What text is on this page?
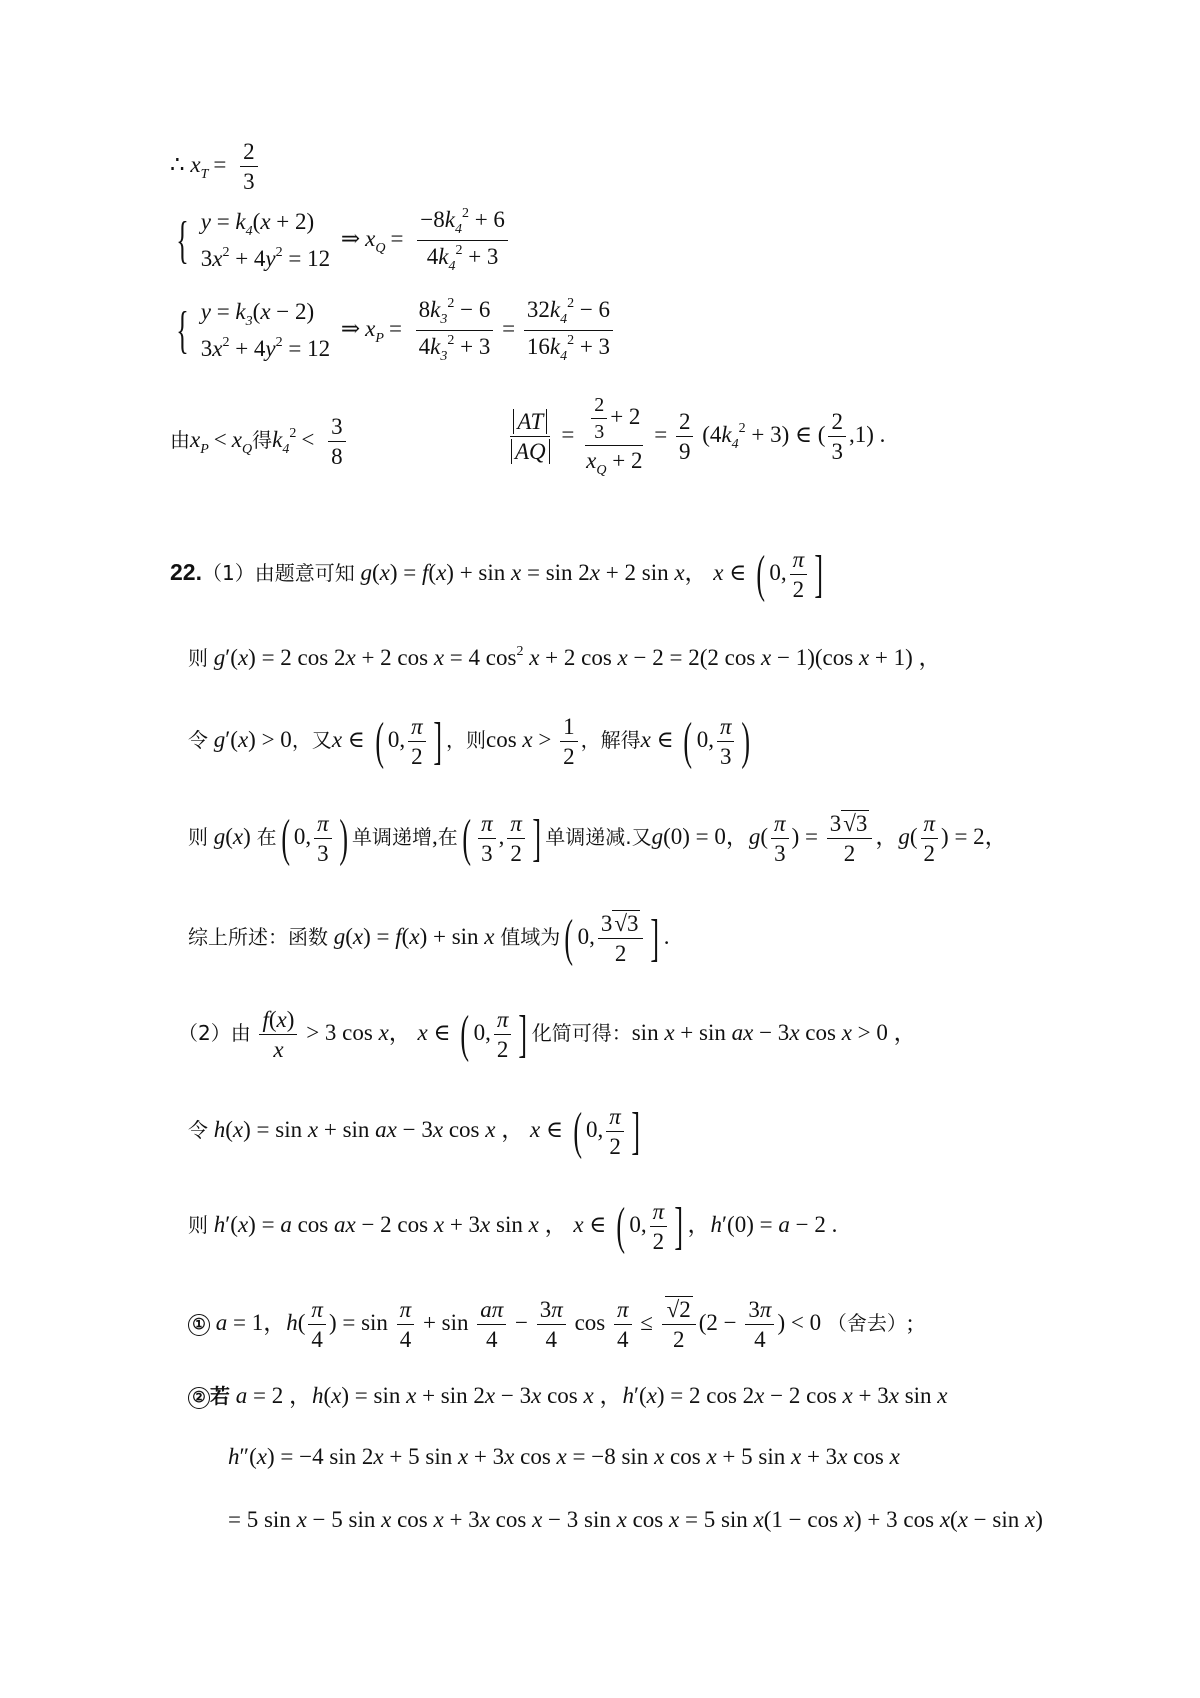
∴ $x_T = \frac{2}{3}$
{ $y = k_4(x + 2)$
$3x^2 + 4y^2 = 12$
⇒ $x_Q = \frac{-8k_4^2 + 6}{4k_4^2 + 3}$
{ $y = k_3(x - 2)$
$3x^2 + 4y^2 = 12$
⇒ $x_P = \frac{8k_3^2 - 6}{4k_3^2 + 3} = \frac{32k_4^2 - 6}{16k_4^2 + 3}$
由$x_P < x_Q$得$k_4^2 < \frac{3}{8}$	$\frac{AT}{AQ} = \frac{\frac{2}{3} + 2}{x_Q + 2} = \frac{2}{9} (4k_4^2 + 3)$ ∈ ( $\frac{2}{3} ,1$) .
22.（1）由题意可知 g(x) = f(x) + sin x = sin 2x + 2 sin x， x ∈ ( 0, $\frac{\pi}{2}$ ]
则 g′(x) = 2 cos 2x + 2 cos x = 4 $\cos^2 x + 2$ cos x − 2 = 2(2 cos x − 1)(cos x + 1) ，
令 g′(x) > 0，又x ∈ ( 0, $\frac{\pi}{2}$ ] ，则$\cos x > \frac{1}{2}$ ，解得x ∈ ( 0, $\frac{\pi}{3}$ )
则 g(x) 在( 0, $\frac{\pi}{3}$ ) 单调递增,在( $\frac{\pi}{3}$ , $\frac{\pi}{2}$ ] 单调递减.又g(0) = 0，$g( \frac{\pi}{3}$ ) = $\frac{3√3}{2}$ ，$g( \frac{\pi}{2}$ ) = 2，
综上所述：函数 g(x) = f(x) + sin x 值域为( 0, $\frac{3√3}{2}$ ] .
（2）由 $\frac{f(x)}{x} > 3$ cos x， x ∈ ( 0, $\frac{\pi}{2}$ ] 化简可得：sin x + sin ax − 3x cos x > 0 ，
令 h(x) = sin x + sin ax − 3x cos x ， x ∈ ( 0, $\frac{\pi}{2}$ ]
则 h′(x) = a cos ax − 2 cos x + 3x sin x ， x ∈ ( 0, $\frac{\pi}{2}$ ] ，h′(0) = a − 2 .
① a = 1，$h( \frac{\pi}{4}$ ) = $\sin \frac{\pi}{4} + \sin \frac{a\pi}{4} - \frac{3\pi}{4}$ $\cos \frac{\pi}{4} \le \frac{√2}{2} (2 - \frac{3\pi}{4}$ ) < 0 （舍去）;
② 若 a = 2 ，h(x) = sin x + sin 2x − 3x cos x ，h′(x) = 2 cos 2x − 2 cos x + 3x sin x
h″(x) = −4 sin 2x + 5 sin x + 3x cos x = −8 sin x cos x + 5 sin x + 3x cos x
= 5 sin x − 5 sin x cos x + 3x cos x − 3 sin x cos x = 5 sin x(1 − cos x) + 3 cos x(x − sin x)
